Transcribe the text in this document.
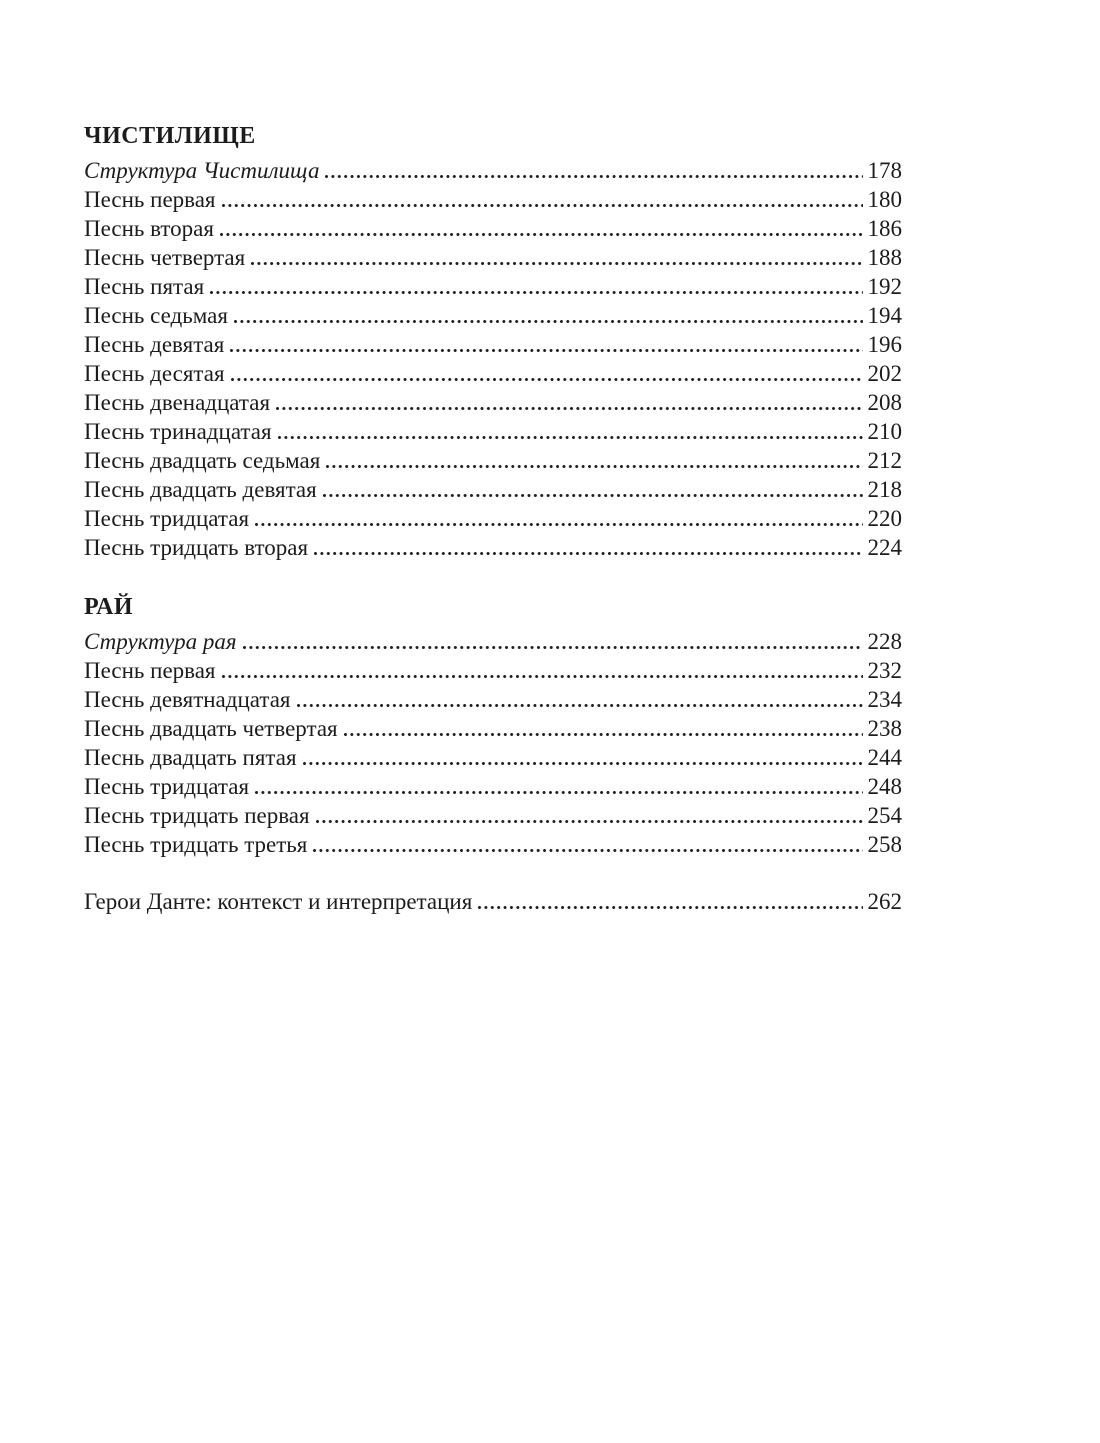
ЧИСТИЛИЩЕ
Структура Чистилища	178
Песнь первая	180
Песнь вторая	186
Песнь четвертая	188
Песнь пятая	192
Песнь седьмая	194
Песнь девятая	196
Песнь десятая	202
Песнь двенадцатая	208
Песнь тринадцатая	210
Песнь двадцать седьмая	212
Песнь двадцать девятая	218
Песнь тридцатая	220
Песнь тридцать вторая	224
РАЙ
Структура рая	228
Песнь первая	232
Песнь девятнадцатая	234
Песнь двадцать четвертая	238
Песнь двадцать пятая	244
Песнь тридцатая	248
Песнь тридцать первая	254
Песнь тридцать третья	258
Герои Данте: контекст и интерпретация	262
